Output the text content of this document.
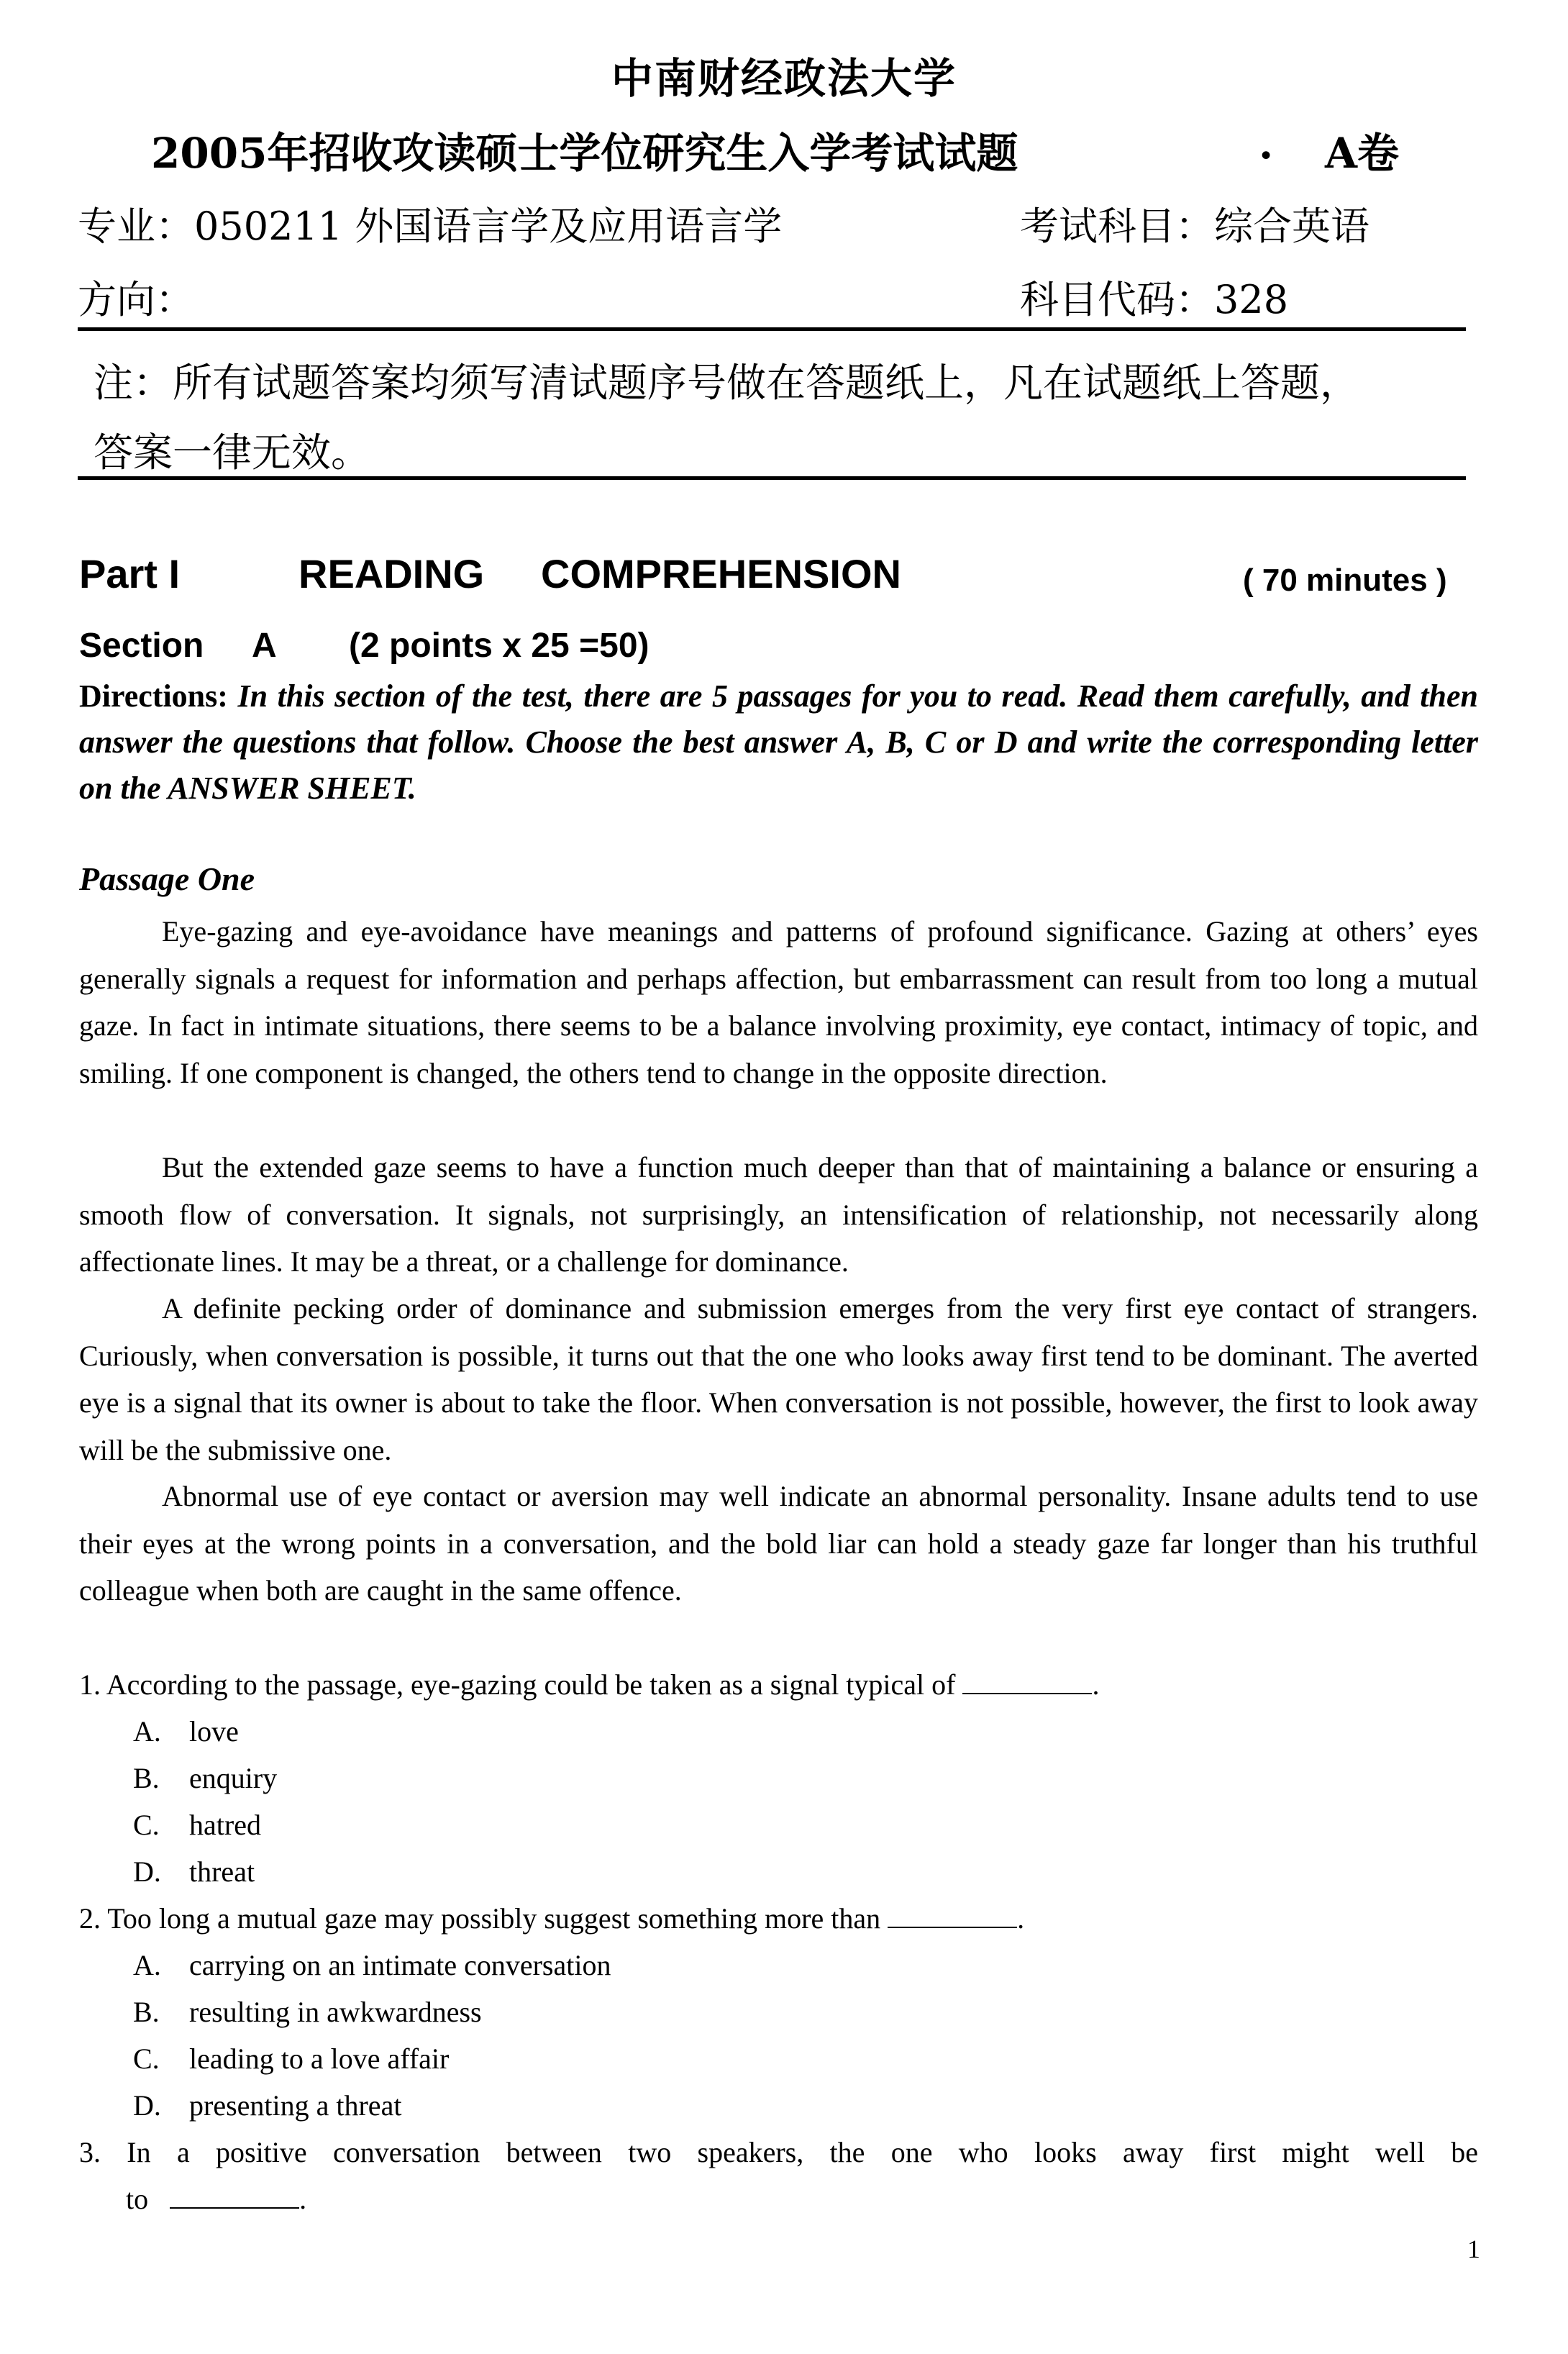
中南财经政法大学
2005年招收攻读硕士学位研究生入学考试试题	. A卷
专业：050211 外国语言学及应用语言学	考试科目：综合英语
方向：	科目代码：328
注：所有试题答案均须写清试题序号做在答题纸上，凡在试题纸上答题，
答案一律无效。
Part I	READING COMPREHENSION	( 70 minutes )
Section A (2 points x 25 =50)
Directions: In this section of the test, there are 5 passages for you to read. Read them carefully, and then answer the questions that follow. Choose the best answer A, B, C or D and write the corresponding letter on the ANSWER SHEET.
Passage One
Eye-gazing and eye-avoidance have meanings and patterns of profound significance. Gazing at others’ eyes generally signals a request for information and perhaps affection, but embarrassment can result from too long a mutual gaze. In fact in intimate situations, there seems to be a balance involving proximity, eye contact, intimacy of topic, and smiling. If one component is changed, the others tend to change in the opposite direction.
But the extended gaze seems to have a function much deeper than that of maintaining a balance or ensuring a smooth flow of conversation. It signals, not surprisingly, an intensification of relationship, not necessarily along affectionate lines. It may be a threat, or a challenge for dominance.
A definite pecking order of dominance and submission emerges from the very first eye contact of strangers. Curiously, when conversation is possible, it turns out that the one who looks away first tend to be dominant. The averted eye is a signal that its owner is about to take the floor. When conversation is not possible, however, the first to look away will be the submissive one.
Abnormal use of eye contact or aversion may well indicate an abnormal personality. Insane adults tend to use their eyes at the wrong points in a conversation, and the bold liar can hold a steady gaze far longer than his truthful colleague when both are caught in the same offence.
1. According to the passage, eye-gazing could be taken as a signal typical of	.
A. love
B. enquiry
C. hatred
D. threat
2. Too long a mutual gaze may possibly suggest something more than	.
A. carrying on an intimate conversation
B. resulting in awkwardness
C. leading to a love affair
D. presenting a threat
3. In a positive conversation between two speakers, the one who looks away first might well be
to	.
1
